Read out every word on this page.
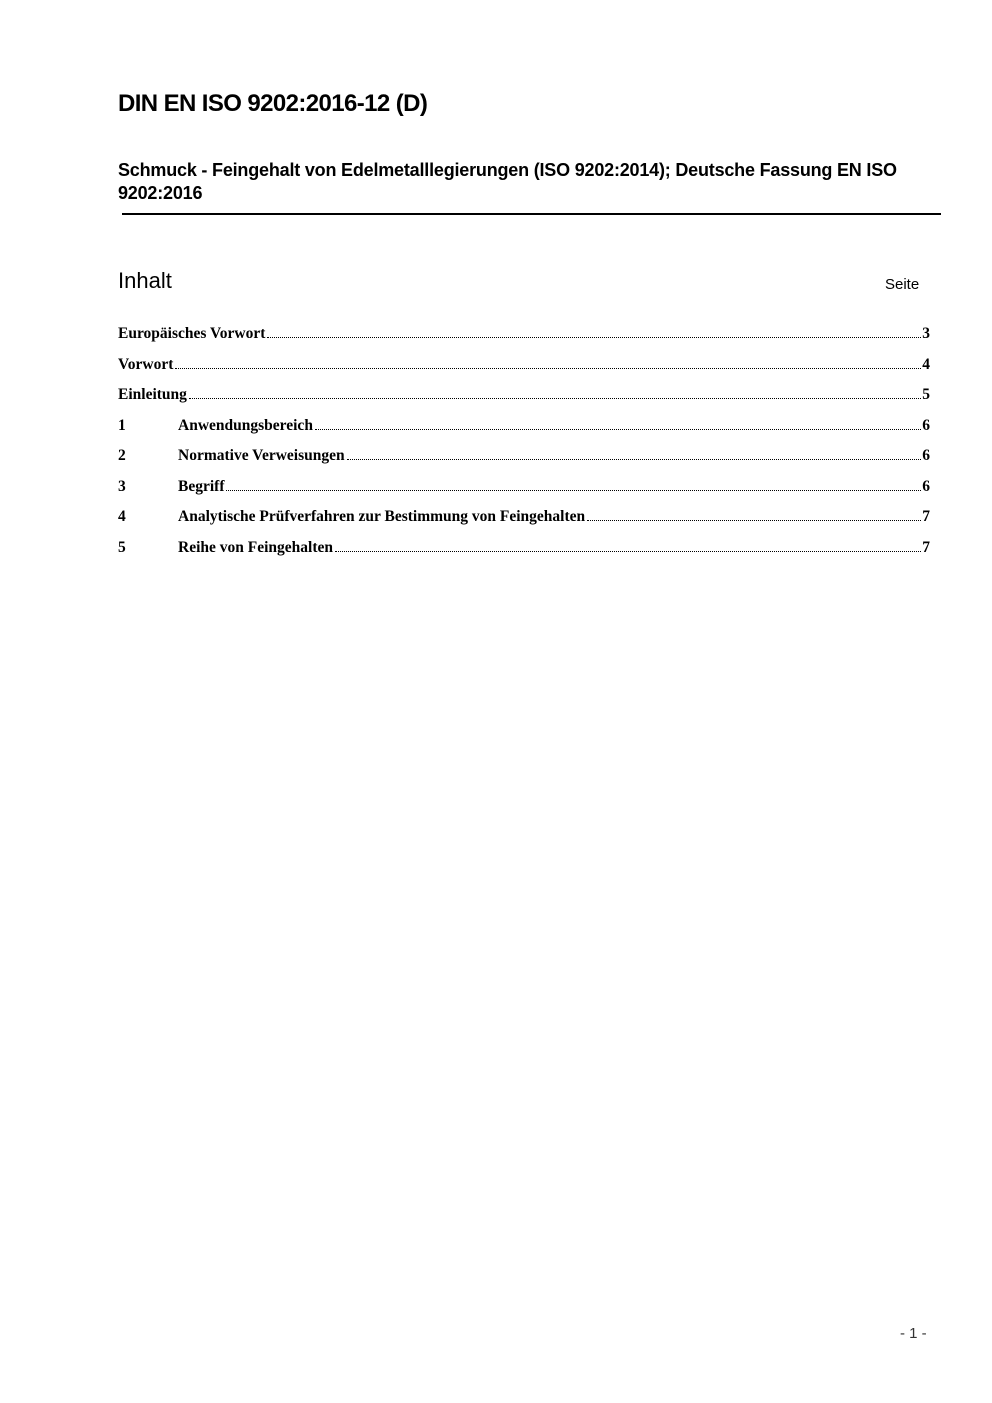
DIN EN ISO 9202:2016-12 (D)
Schmuck - Feingehalt von Edelmetalllegierungen (ISO 9202:2014); Deutsche Fassung EN ISO 9202:2016
Inhalt	Seite
Europäisches Vorwort	3
Vorwort	4
Einleitung	5
1	Anwendungsbereich	6
2	Normative Verweisungen	6
3	Begriff	6
4	Analytische Prüfverfahren zur Bestimmung von Feingehalten	7
5	Reihe von Feingehalten	7
- 1 -
